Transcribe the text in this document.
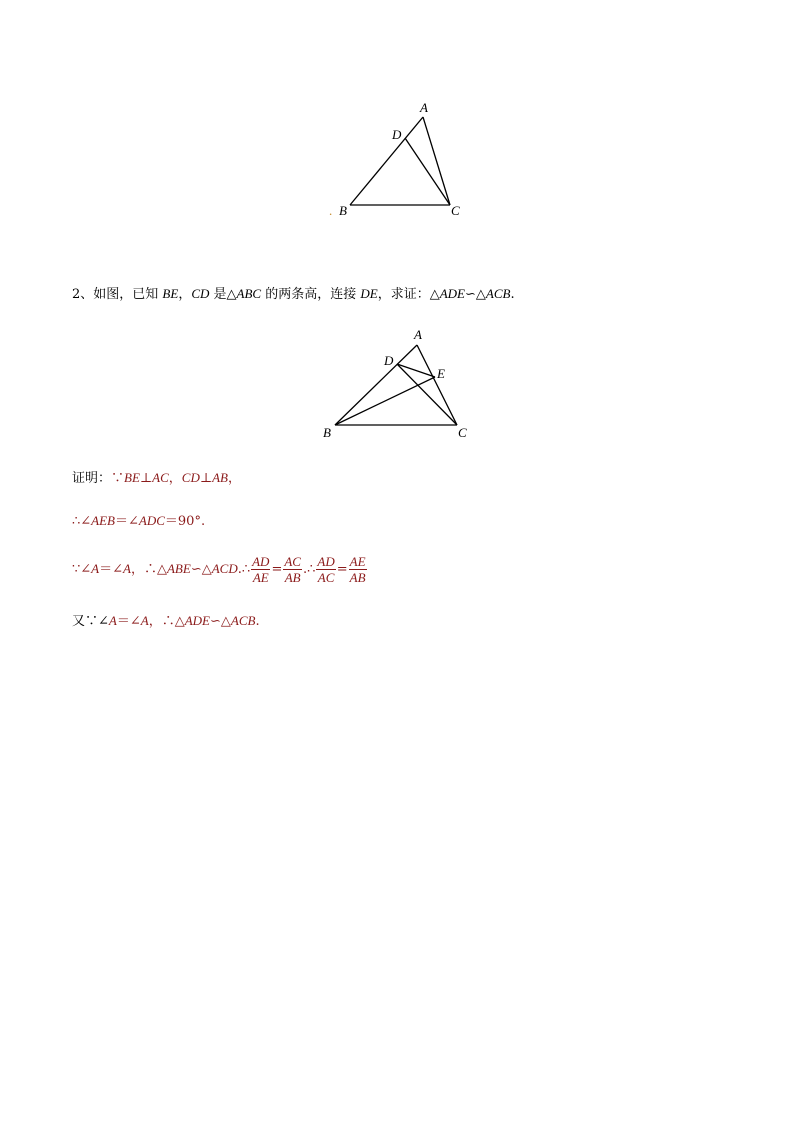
A
D
B	C
.
2、如图，已知 BE，CD 是△ABC 的两条高，连接 DE，求证：△ADE∽△ACB.
A
D
E
B	C
证明：∵BE⊥AC，CD⊥AB，
∴∠AEB＝∠ADC＝90°.
∵∠A＝∠A，∴△ABE∽△ACD.∴ $\frac{AD}{AE} = \frac{AC}{AB}$ .∴ $\frac{AD}{AC} = \frac{AE}{AB}$
又∵∠A＝∠A，∴△ADE∽△ACB.
